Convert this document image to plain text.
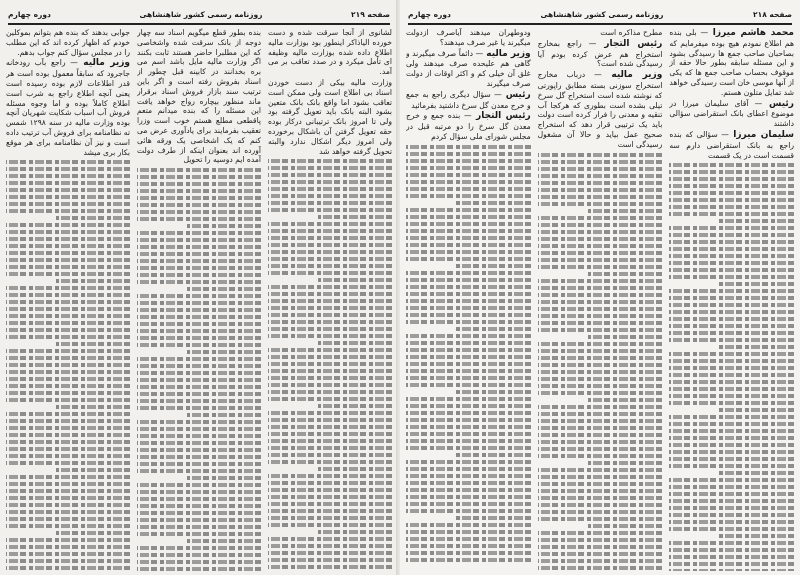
صفحه ۲۱۹
روزنامه رسمی کشور شاهنشاهی
دوره چهارم
لشانوی از آنجا سرقت شده و دست خورده الیاذاکر اینطور بود بوزارت مالیه اطلاع داده شده بوزارت مالیه وظیفه ای تأمل میکرد و در صدد تعاقب بر می آمد.
وزارت مالیه بیکی از دست خوردن اسناد بی اطلاع است ولی ممکن است تعاقب بشود اما واقع بانک بانک متعین بشود البته بانک باید تعویل گرفته بود ولی تا امروز بانک ترتیبانی درکار بوده حقه تعویل گرفتن آن باشکال برخورده ولی امروز دیگر اشکال ندارد والبته تحویل گرفته خواهد شد
بنده بطور قطع میگویم اسناد سه چهار دوجه از بانک سرقت شده واشخاصی که این مطلبرا حاضر هستند ثابت بکنند اگر وزارت مالیه مایل باشد اسم می بره بخدانند در کابینه قبل چطور از اسناد بفروش رفته است و اگر باین ترتیب سند بازار فروش اسناد برقرار ماند منظور بیچاره رواج خواهد یافت این مسئله را که بنده میدانم متعم پاقطعی مطلع هستم خوب است وزرا تعقیب بفرمایند برای یادآوری عرض می کنم که یک اشخاصی یک ورقه هائی آورده اند بعنوان اینکه از طرف دولت آمده ایم دوسیه را تحویل
جوابی بدهند که بنده هم بتوانم بموکلین خودم که اظهار کرده اند که این مطلب را در مجلس سؤال کنم جواب بدهم.
وزیر مالیه — راجع بآب رودخانه جاجرود که سابقاً معمول بوده است هر قدر اطلاعات لازم بوده رسیده است یعنی آنچه اطلاع راجع به شرب است اطلاع کاملاً بوده و اما وجوه مسئله فروش آب اسباب شکایت شهریان آنچه بوده وزارت مالیه در سنه ۱۲۹۸ شمس ته نظامنامه برای فروش آب ترتیب داده است و نیز آن نظامنامه برای هر موقع بکار بری میشد
صفحه ۲۱۸
روزنامه رسمی کشور شاهنشاهی
دوره چهارم
محمد هاشم میرزا — بلی بنده هم اطلاع نمودم هیچ بوده میفرمایم که بصاحبان صاحب جمع ها رسیدگی بشود و این مسئله سابقه بطور حالا حقه از موقوف بحساب صاحب جمع ها که یکی از آنها موسی خان است رسیدگی خواهد شد تمایل متلون هستم.
رئیس — آقای سلیمان میرزا در موضوع اعطای بانک استقراضی سؤالی داشتند
سلیمان میرزا — سؤالی که بنده راجع به بانک استقراضی دارم سه قسمت است در یک قسمت
مطرح مذاکره است
رئیس التجار — راجع بمخارج استخراج هم عرض کرده بودم آیا رسیدگی شده است؟
وزیر مالیه — درباب مخارج استخراج سوزنی بسته مطابق راپورتی که نوشته شده است استخراج گل سرخ تیلی بشده است بطوری که هرکجا آب تنقیه و معدنی را فرار کرده است دولت باید یک ترتیبی قرار دهد که استخراج صحیح عمل بیاید و حالا آن مشغول رسیدگی است
ودوطهران میدهند آیاصرف ازدولت میگیرند یا غیر صرف میدهند؟
وزیر مالیه — دائماً صرف میگیرند و گاهی هم علیحده صرف میدهند ولی غلق آن خیلی کم و اکثر اوقات از دولت صرف میگیرند
رئیس — سؤال دیگری راجع به جمع و خرج معدن گل سرخ داشتید بفرمائید
رئیس التجار — بنده جمع و خرج معدن گل سرخ را دو مرتبه قبل در مجلس شورای ملی سؤال کردم
